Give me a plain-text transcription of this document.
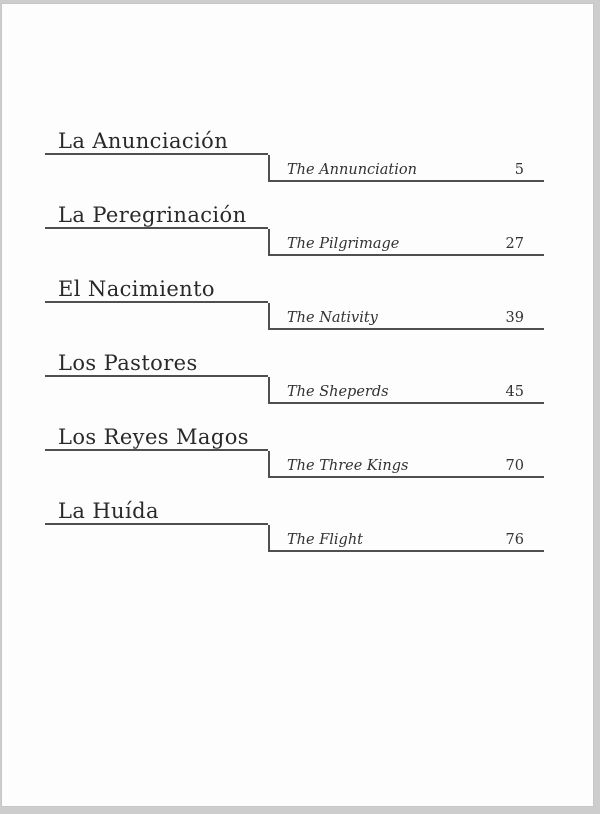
La Anunciación
The Annunciation	5
La Peregrinación
The Pilgrimage	27
El Nacimiento
The Nativity	39
Los Pastores
The Sheperds	45
Los Reyes Magos
The Three Kings	70
La Huída
The Flight	76
